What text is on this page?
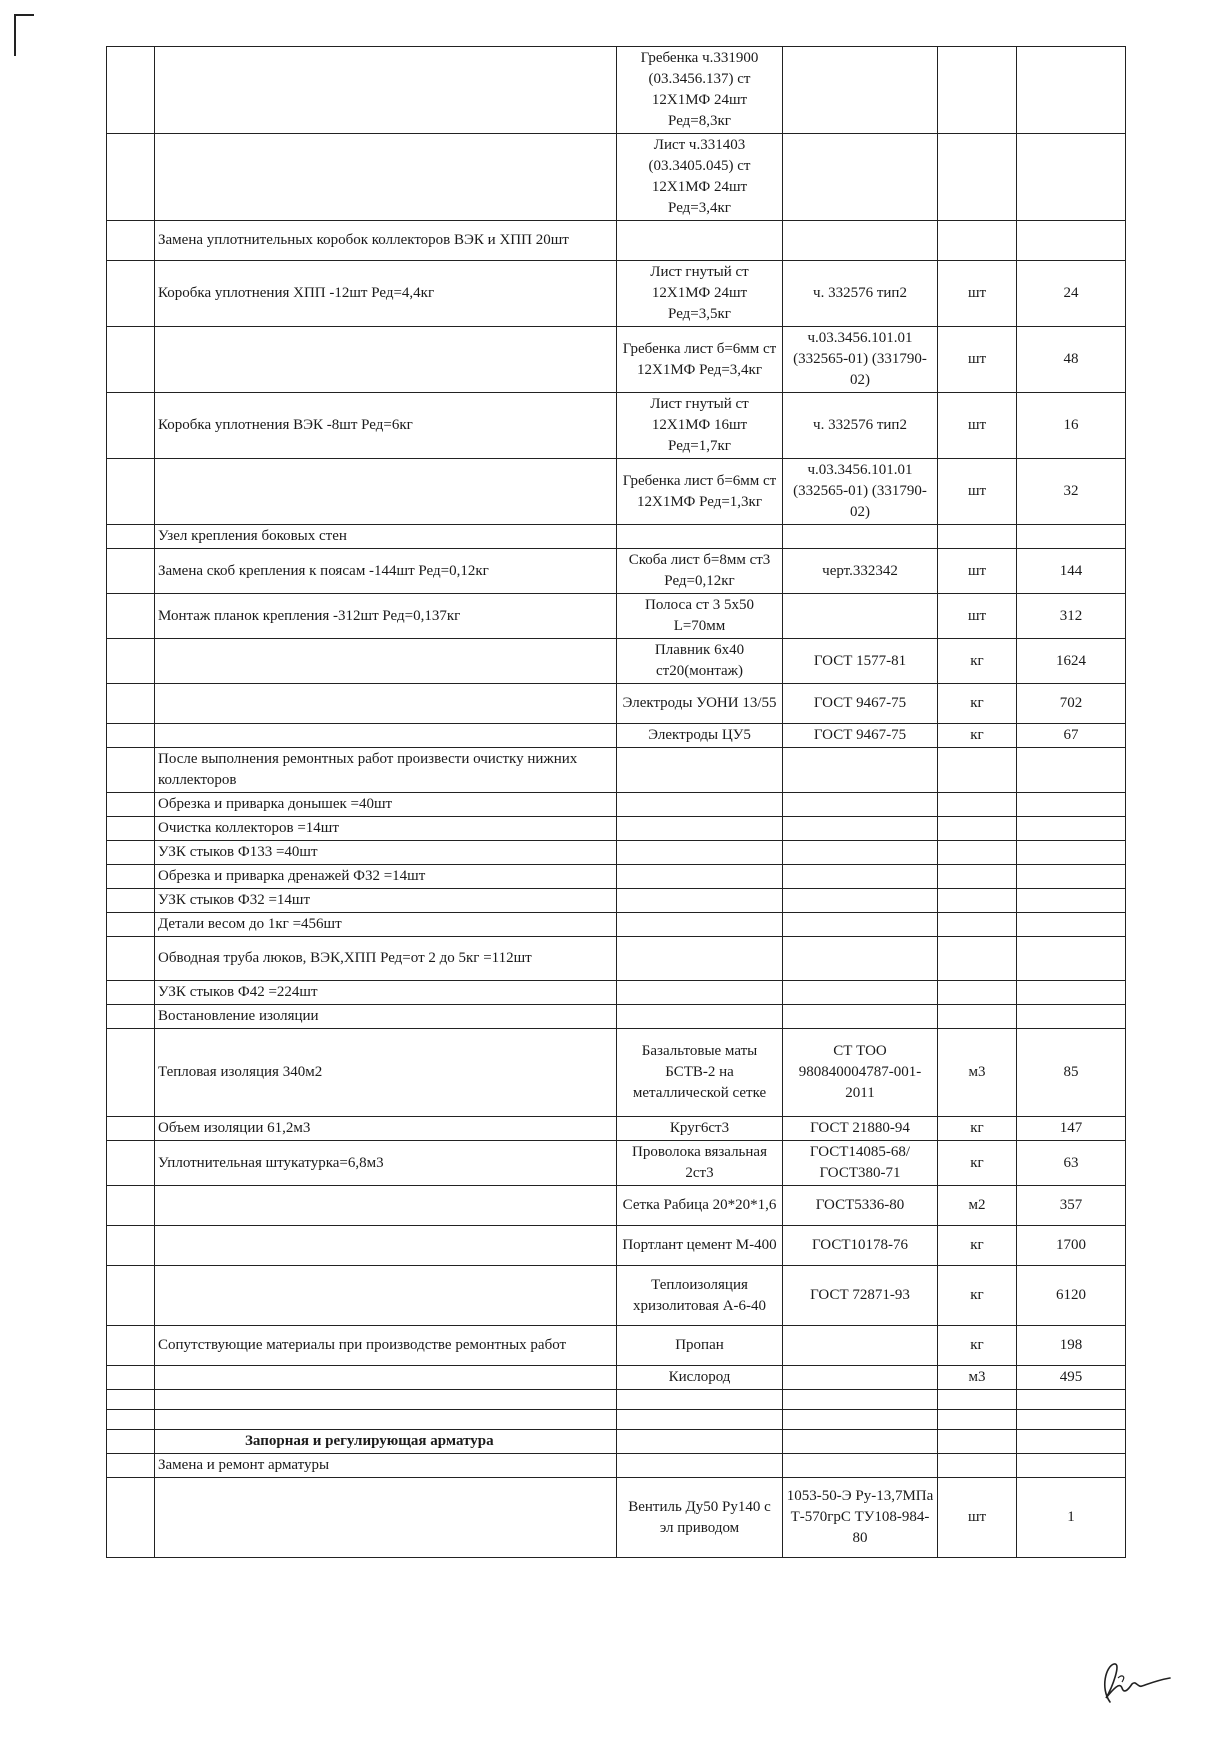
		Гребенка ч.331900 (03.3456.137) ст 12Х1МФ 24шт Ред=8,3кг			
		Лист ч.331403 (03.3405.045) ст 12Х1МФ 24шт Ред=3,4кг			
	Замена уплотнительных коробок коллекторов ВЭК и ХПП 20шт				
	Коробка уплотнения ХПП -12шт Ред=4,4кг	Лист гнутый ст 12Х1МФ 24шт Ред=3,5кг	ч. 332576 тип2	шт	24
		Гребенка лист б=6мм ст 12Х1МФ Ред=3,4кг	ч.03.3456.101.01 (332565-01) (331790-02)	шт	48
	Коробка уплотнения ВЭК -8шт Ред=6кг	Лист гнутый ст 12Х1МФ 16шт Ред=1,7кг	ч. 332576 тип2	шт	16
		Гребенка лист б=6мм ст 12Х1МФ Ред=1,3кг	ч.03.3456.101.01 (332565-01) (331790-02)	шт	32
	Узел крепления боковых стен				
	Замена скоб крепления к поясам -144шт Ред=0,12кг	Скоба лист б=8мм ст3 Ред=0,12кг	черт.332342	шт	144
	Монтаж планок крепления -312шт Ред=0,137кг	Полоса ст 3 5х50 L=70мм		шт	312
		Плавник 6х40 ст20(монтаж)	ГОСТ 1577-81	кг	1624
		Электроды УОНИ 13/55	ГОСТ 9467-75	кг	702
		Электроды ЦУ5	ГОСТ 9467-75	кг	67
	После выполнения ремонтных работ произвести очистку нижних коллекторов				
	Обрезка и приварка донышек =40шт				
	Очистка коллекторов =14шт				
	УЗК стыков Ф133 =40шт				
	Обрезка и приварка дренажей Ф32 =14шт				
	УЗК стыков Ф32 =14шт				
	Детали весом до 1кг =456шт				
	Обводная труба люков, ВЭК,ХПП Ред=от 2 до 5кг =112шт				
	УЗК стыков Ф42 =224шт				
	Востановление изоляции				
	Тепловая изоляция 340м2	Базальтовые маты БСТВ-2 на металлической сетке	СТ ТОО 980840004787-001-2011	м3	85
	Объем изоляции 61,2м3	Круг6ст3	ГОСТ 21880-94	кг	147
	Уплотнительная штукатурка=6,8м3	Проволока вязальная 2ст3	ГОСТ14085-68/ГОСТ380-71	кг	63
		Сетка Рабица 20*20*1,6	ГОСТ5336-80	м2	357
		Портлант цемент М-400	ГОСТ10178-76	кг	1700
		Теплоизоляция хризолитовая А-6-40	ГОСТ 72871-93	кг	6120
	Сопутствующие материалы при производстве ремонтных работ	Пропан		кг	198
		Кислород		м3	495

	Запорная и регулирующая арматура				
	Замена и ремонт арматуры				
		Вентиль Ду50 Ру140 с эл приводом	1053-50-Э Ру-13,7МПа Т-570грС ТУ108-984-80	шт	1
